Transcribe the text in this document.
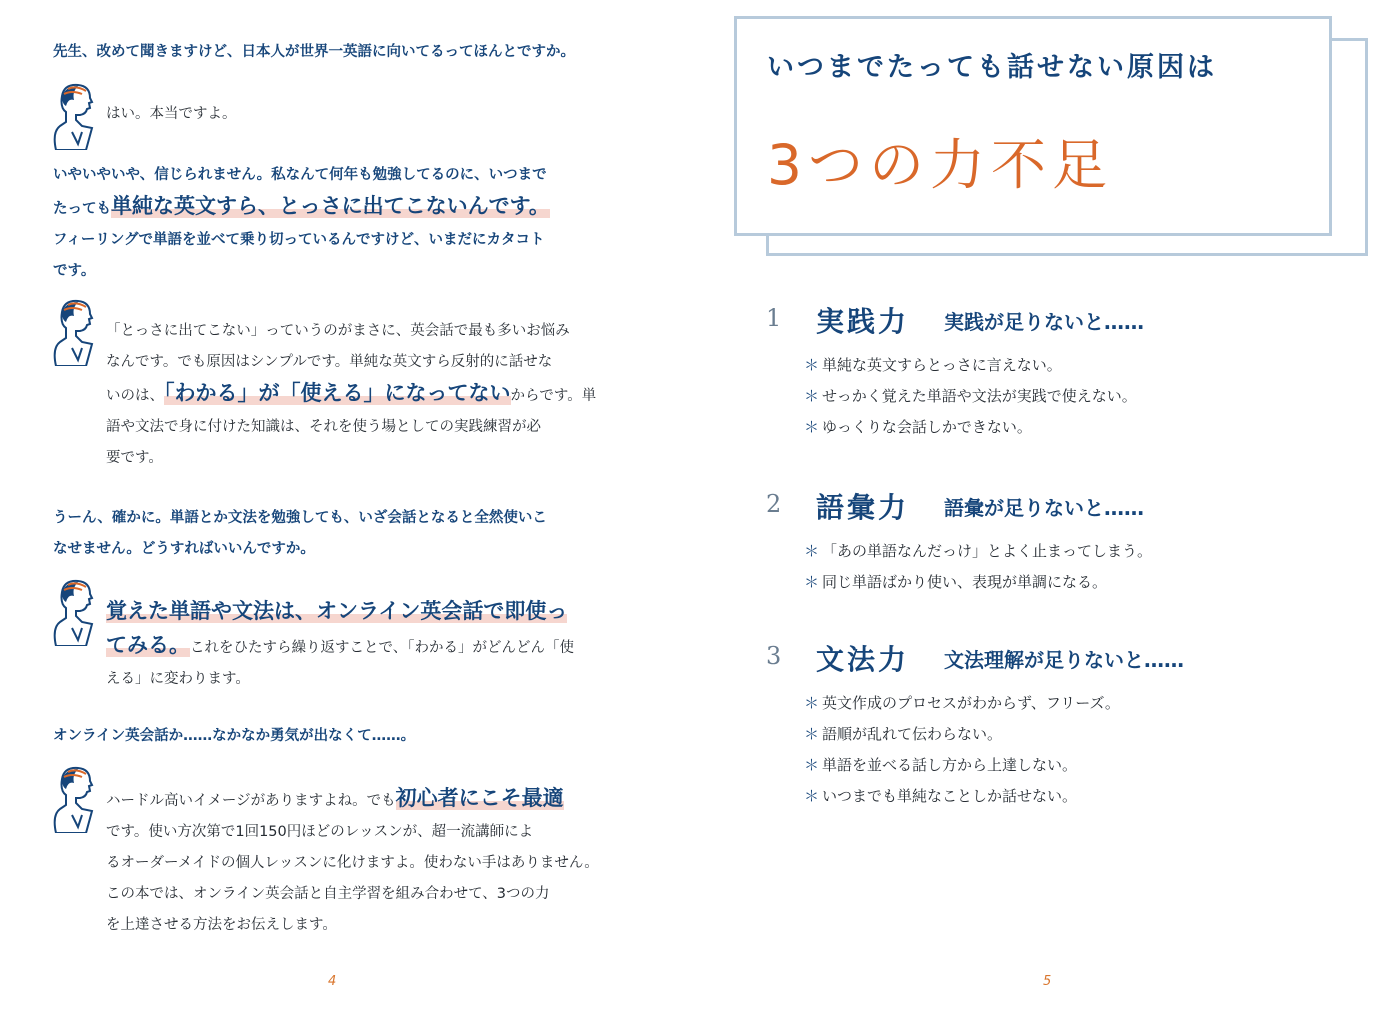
先生、改めて聞きますけど、日本人が世界一英語に向いてるってほんとですか。
はい。本当ですよ。
いやいやいや、信じられません。私なんて何年も勉強してるのに、いつまで
たっても単純な英文すら、とっさに出てこないんです。
フィーリングで単語を並べて乗り切っているんですけど、いまだにカタコト
です。
「とっさに出てこない」っていうのがまさに、英会話で最も多いお悩み
なんです。でも原因はシンプルです。単純な英文すら反射的に話せな
いのは、「わかる」が「使える」になってないからです。単
語や文法で身に付けた知識は、それを使う場としての実践練習が必
要です。
うーん、確かに。単語とか文法を勉強しても、いざ会話となると全然使いこ
なせません。どうすればいいんですか。
覚えた単語や文法は、オンライン英会話で即使っ
てみる。これをひたすら繰り返すことで、「わかる」がどんどん「使
える」に変わります。
オンライン英会話か……なかなか勇気が出なくて……。
ハードル高いイメージがありますよね。でも初心者にこそ最適
です。使い方次第で1回150円ほどのレッスンが、超一流講師によ
るオーダーメイドの個人レッスンに化けますよ。使わない手はありません。
この本では、オンライン英会話と自主学習を組み合わせて、3つの力
を上達させる方法をお伝えします。
4
いつまでたっても話せない原因は
3つの力不足
1 実践力 実践が足りないと……
＊ 単純な英文すらとっさに言えない。
＊ せっかく覚えた単語や文法が実践で使えない。
＊ ゆっくりな会話しかできない。
2 語彙力 語彙が足りないと……
＊ 「あの単語なんだっけ」とよく止まってしまう。
＊ 同じ単語ばかり使い、表現が単調になる。
3 文法力 文法理解が足りないと……
＊ 英文作成のプロセスがわからず、フリーズ。
＊ 語順が乱れて伝わらない。
＊ 単語を並べる話し方から上達しない。
＊ いつまでも単純なことしか話せない。
5
